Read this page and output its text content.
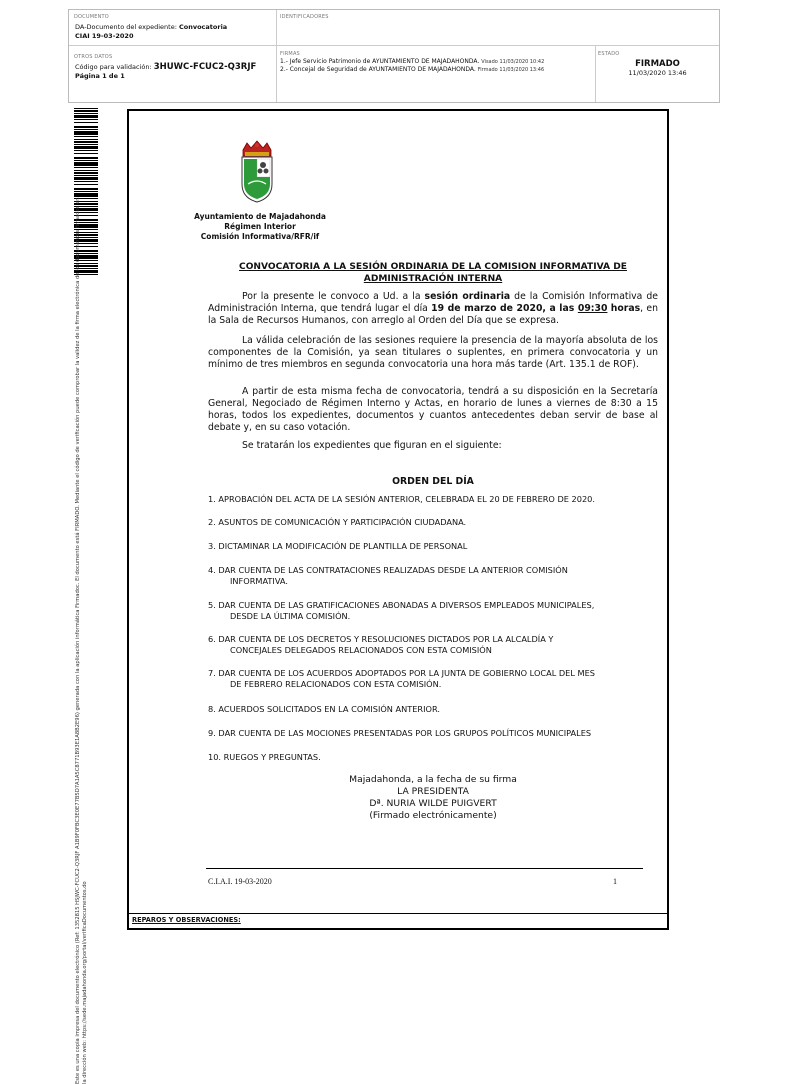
DOCUMENTO
DA-Documento del expediente: Convocatoria
CIAI 19-03-2020
IDENTIFICADORES
OTROS DATOS
Código para validación: 3HUWC-FCUC2-Q3RJF
Página 1 de 1
FIRMAS
1.- Jefe Servicio Patrimonio de AYUNTAMIENTO DE MAJADAHONDA. Visado 11/03/2020 10:42
2.- Concejal de Seguridad de AYUNTAMIENTO DE MAJADAHONDA. Firmado 11/03/2020 13:46
ESTADO
FIRMADO
11/03/2020 13:46
Este es una copia impresa del documento electrónico (Ref: 1352815 HSJWC-FCUC2-Q3RJF A1B9F0FBC3E0E77B5D7A1A5C8771B93E1A8B2E96) generada con la aplicación informática Firmadoc. El documento está FIRMADO. Mediante el código de verificación puede comprobar la validez de la firma electrónica de los documentos firmados en la dirección web: https://sede.majadahonda.org/portal/verificaDocumentos.do	REPAROS Y OBSERVACIONES:
Ayuntamiento de Majadahonda
Régimen Interior
Comisión Informativa/RFR/if
CONVOCATORIA A LA SESIÓN ORDINARIA DE LA COMISION INFORMATIVA DE
ADMINISTRACIÓN INTERNA

Por la presente le convoco a Ud. a la sesión ordinaria de la Comisión Informativa de Administración Interna, que tendrá lugar el día 19 de marzo de 2020, a las 09:30 horas, en la Sala de Recursos Humanos, con arreglo al Orden del Día que se expresa.

La válida celebración de las sesiones requiere la presencia de la mayoría absoluta de los componentes de la Comisión, ya sean titulares o suplentes, en primera convocatoria y un mínimo de tres miembros en segunda convocatoria una hora más tarde (Art. 135.1 de ROF).

A partir de esta misma fecha de convocatoria, tendrá a su disposición en la Secretaría General, Negociado de Régimen Interno y Actas, en horario de lunes a viernes de 8:30 a 15 horas, todos los expedientes, documentos y cuantos antecedentes deban servir de base al debate y, en su caso votación.

Se tratarán los expedientes que figuran en el siguiente:

ORDEN DEL DÍA
1. APROBACIÓN DEL ACTA DE LA SESIÓN ANTERIOR, CELEBRADA EL 20 DE FEBRERO DE 2020.
2. ASUNTOS DE COMUNICACIÓN Y PARTICIPACIÓN CIUDADANA.
3. DICTAMINAR LA MODIFICACIÓN DE PLANTILLA DE PERSONAL
4. DAR CUENTA DE LAS CONTRATACIONES REALIZADAS DESDE LA ANTERIOR COMISIÓN
INFORMATIVA.
5. DAR CUENTA DE LAS GRATIFICACIONES ABONADAS A DIVERSOS EMPLEADOS MUNICIPALES,
DESDE LA ÚLTIMA COMISIÓN.
6. DAR CUENTA DE LOS DECRETOS Y RESOLUCIONES DICTADOS POR LA ALCALDÍA Y
CONCEJALES DELEGADOS RELACIONADOS CON ESTA COMISIÓN
7. DAR CUENTA DE LOS ACUERDOS ADOPTADOS POR LA JUNTA DE GOBIERNO LOCAL DEL MES
DE FEBRERO RELACIONADOS CON ESTA COMISIÓN.
8. ACUERDOS SOLICITADOS EN LA COMISIÓN ANTERIOR.
9. DAR CUENTA DE LAS MOCIONES PRESENTADAS POR LOS GRUPOS POLÍTICOS MUNICIPALES
10. RUEGOS Y PREGUNTAS.
Majadahonda, a la fecha de su firma
LA PRESIDENTA
Dª. NURIA WILDE PUIGVERT
(Firmado electrónicamente)
C.I.A.I. 19-03-2020	1
